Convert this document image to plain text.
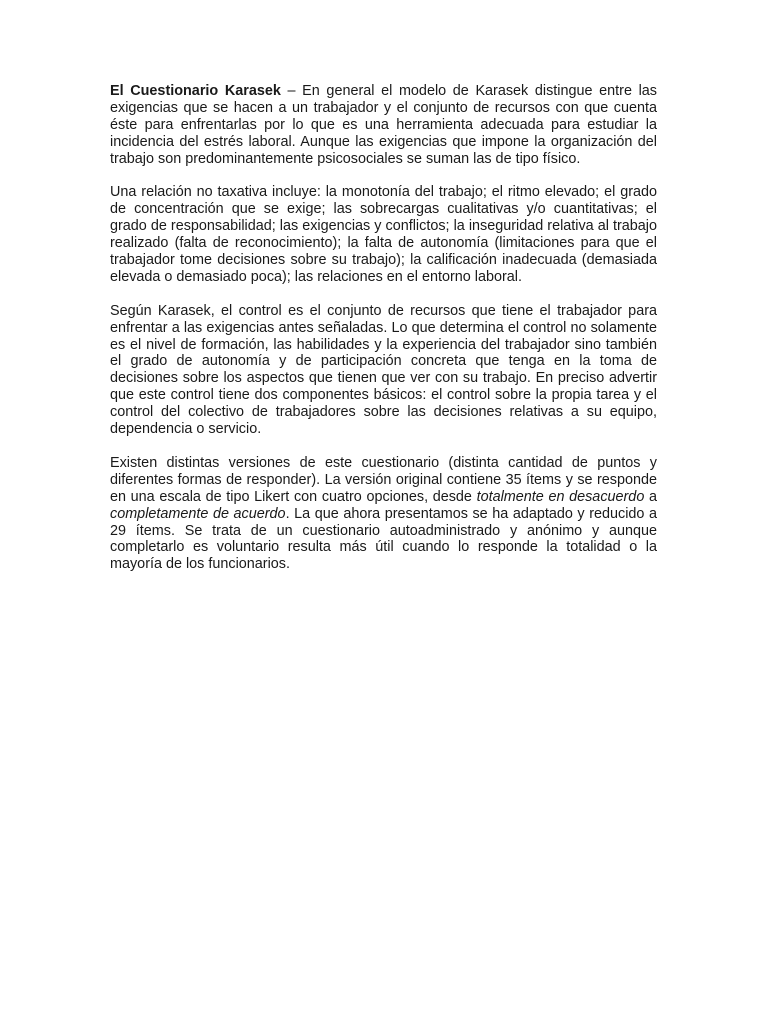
El Cuestionario Karasek – En general el modelo de Karasek distingue entre las exigencias que se hacen a un trabajador y el conjunto de recursos con que cuenta éste para enfrentarlas por lo que es una herramienta adecuada para estudiar la incidencia del estrés laboral. Aunque las exigencias que impone la organización del trabajo son predominantemente psicosociales se suman las de tipo físico.

Una relación no taxativa incluye: la monotonía del trabajo; el ritmo elevado; el grado de concentración que se exige; las sobrecargas cualitativas y/o cuantitativas; el grado de responsabilidad; las exigencias y conflictos; la inseguridad relativa al trabajo realizado (falta de reconocimiento); la falta de autonomía (limitaciones para que el trabajador tome decisiones sobre su trabajo); la calificación inadecuada (demasiada elevada o demasiado poca); las relaciones en el entorno laboral.

Según Karasek, el control es el conjunto de recursos que tiene el trabajador para enfrentar a las exigencias antes señaladas. Lo que determina el control no solamente es el nivel de formación, las habilidades y la experiencia del trabajador sino también el grado de autonomía y de participación concreta que tenga en la toma de decisiones sobre los aspectos que tienen que ver con su trabajo. En preciso advertir que este control tiene dos componentes básicos: el control sobre la propia tarea y el control del colectivo de trabajadores sobre las decisiones relativas a su equipo, dependencia o servicio.

Existen distintas versiones de este cuestionario (distinta cantidad de puntos y diferentes formas de responder). La versión original contiene 35 ítems y se responde en una escala de tipo Likert con cuatro opciones, desde totalmente en desacuerdo a completamente de acuerdo. La que ahora presentamos se ha adaptado y reducido a 29 ítems. Se trata de un cuestionario autoadministrado y anónimo y aunque completarlo es voluntario resulta más útil cuando lo responde la totalidad o la mayoría de los funcionarios.
